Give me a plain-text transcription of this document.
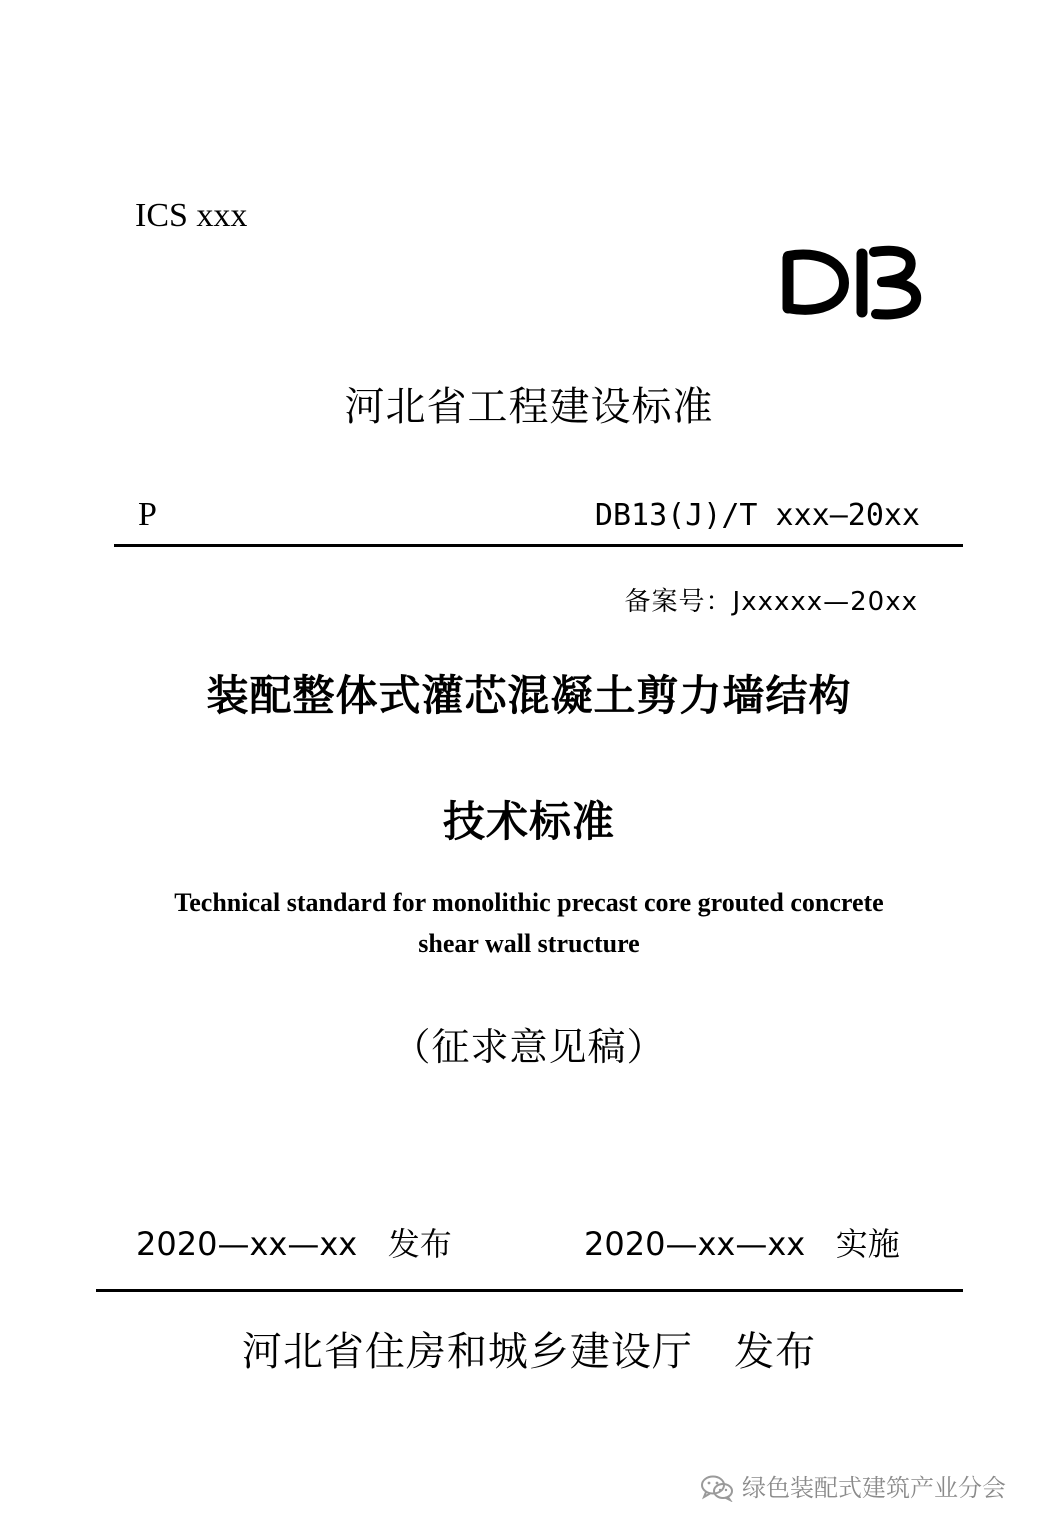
ICS xxx
河北省工程建设标准
P	DB13(J)/T xxx—20xx
备案号：Jxxxxx—20xx
装配整体式灌芯混凝土剪力墙结构
技术标准
Technical standard for monolithic precast core grouted concrete
shear wall structure
（征求意见稿）
2020—xx—xx   发布	2020—xx—xx   实施
河北省住房和城乡建设厅   发布
绿色装配式建筑产业分会
